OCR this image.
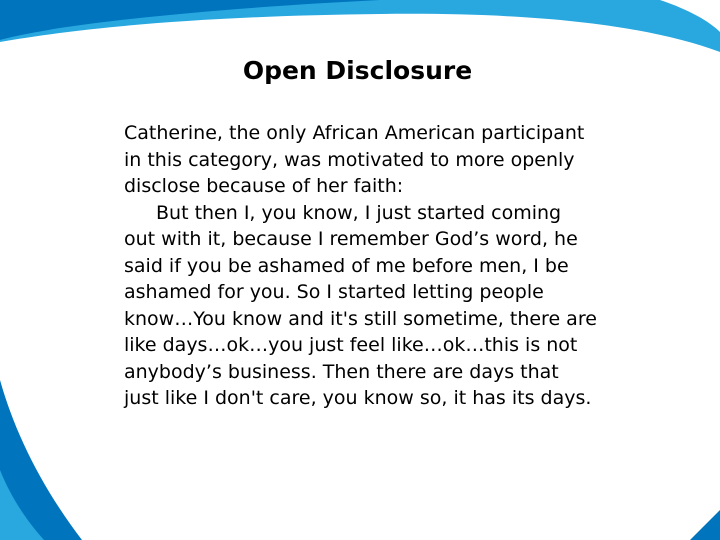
Open Disclosure

Catherine, the only African American participant in this category, was motivated to more openly disclose because of her faith:

But then I, you know, I just started coming out with it, because I remember God’s word, he said if you be ashamed of me before men, I be ashamed for you. So I started letting people know…You know and it's still sometime, there are like days…ok…you just feel like…ok…this is not anybody’s business. Then there are days that just like I don't care, you know so, it has its days.
